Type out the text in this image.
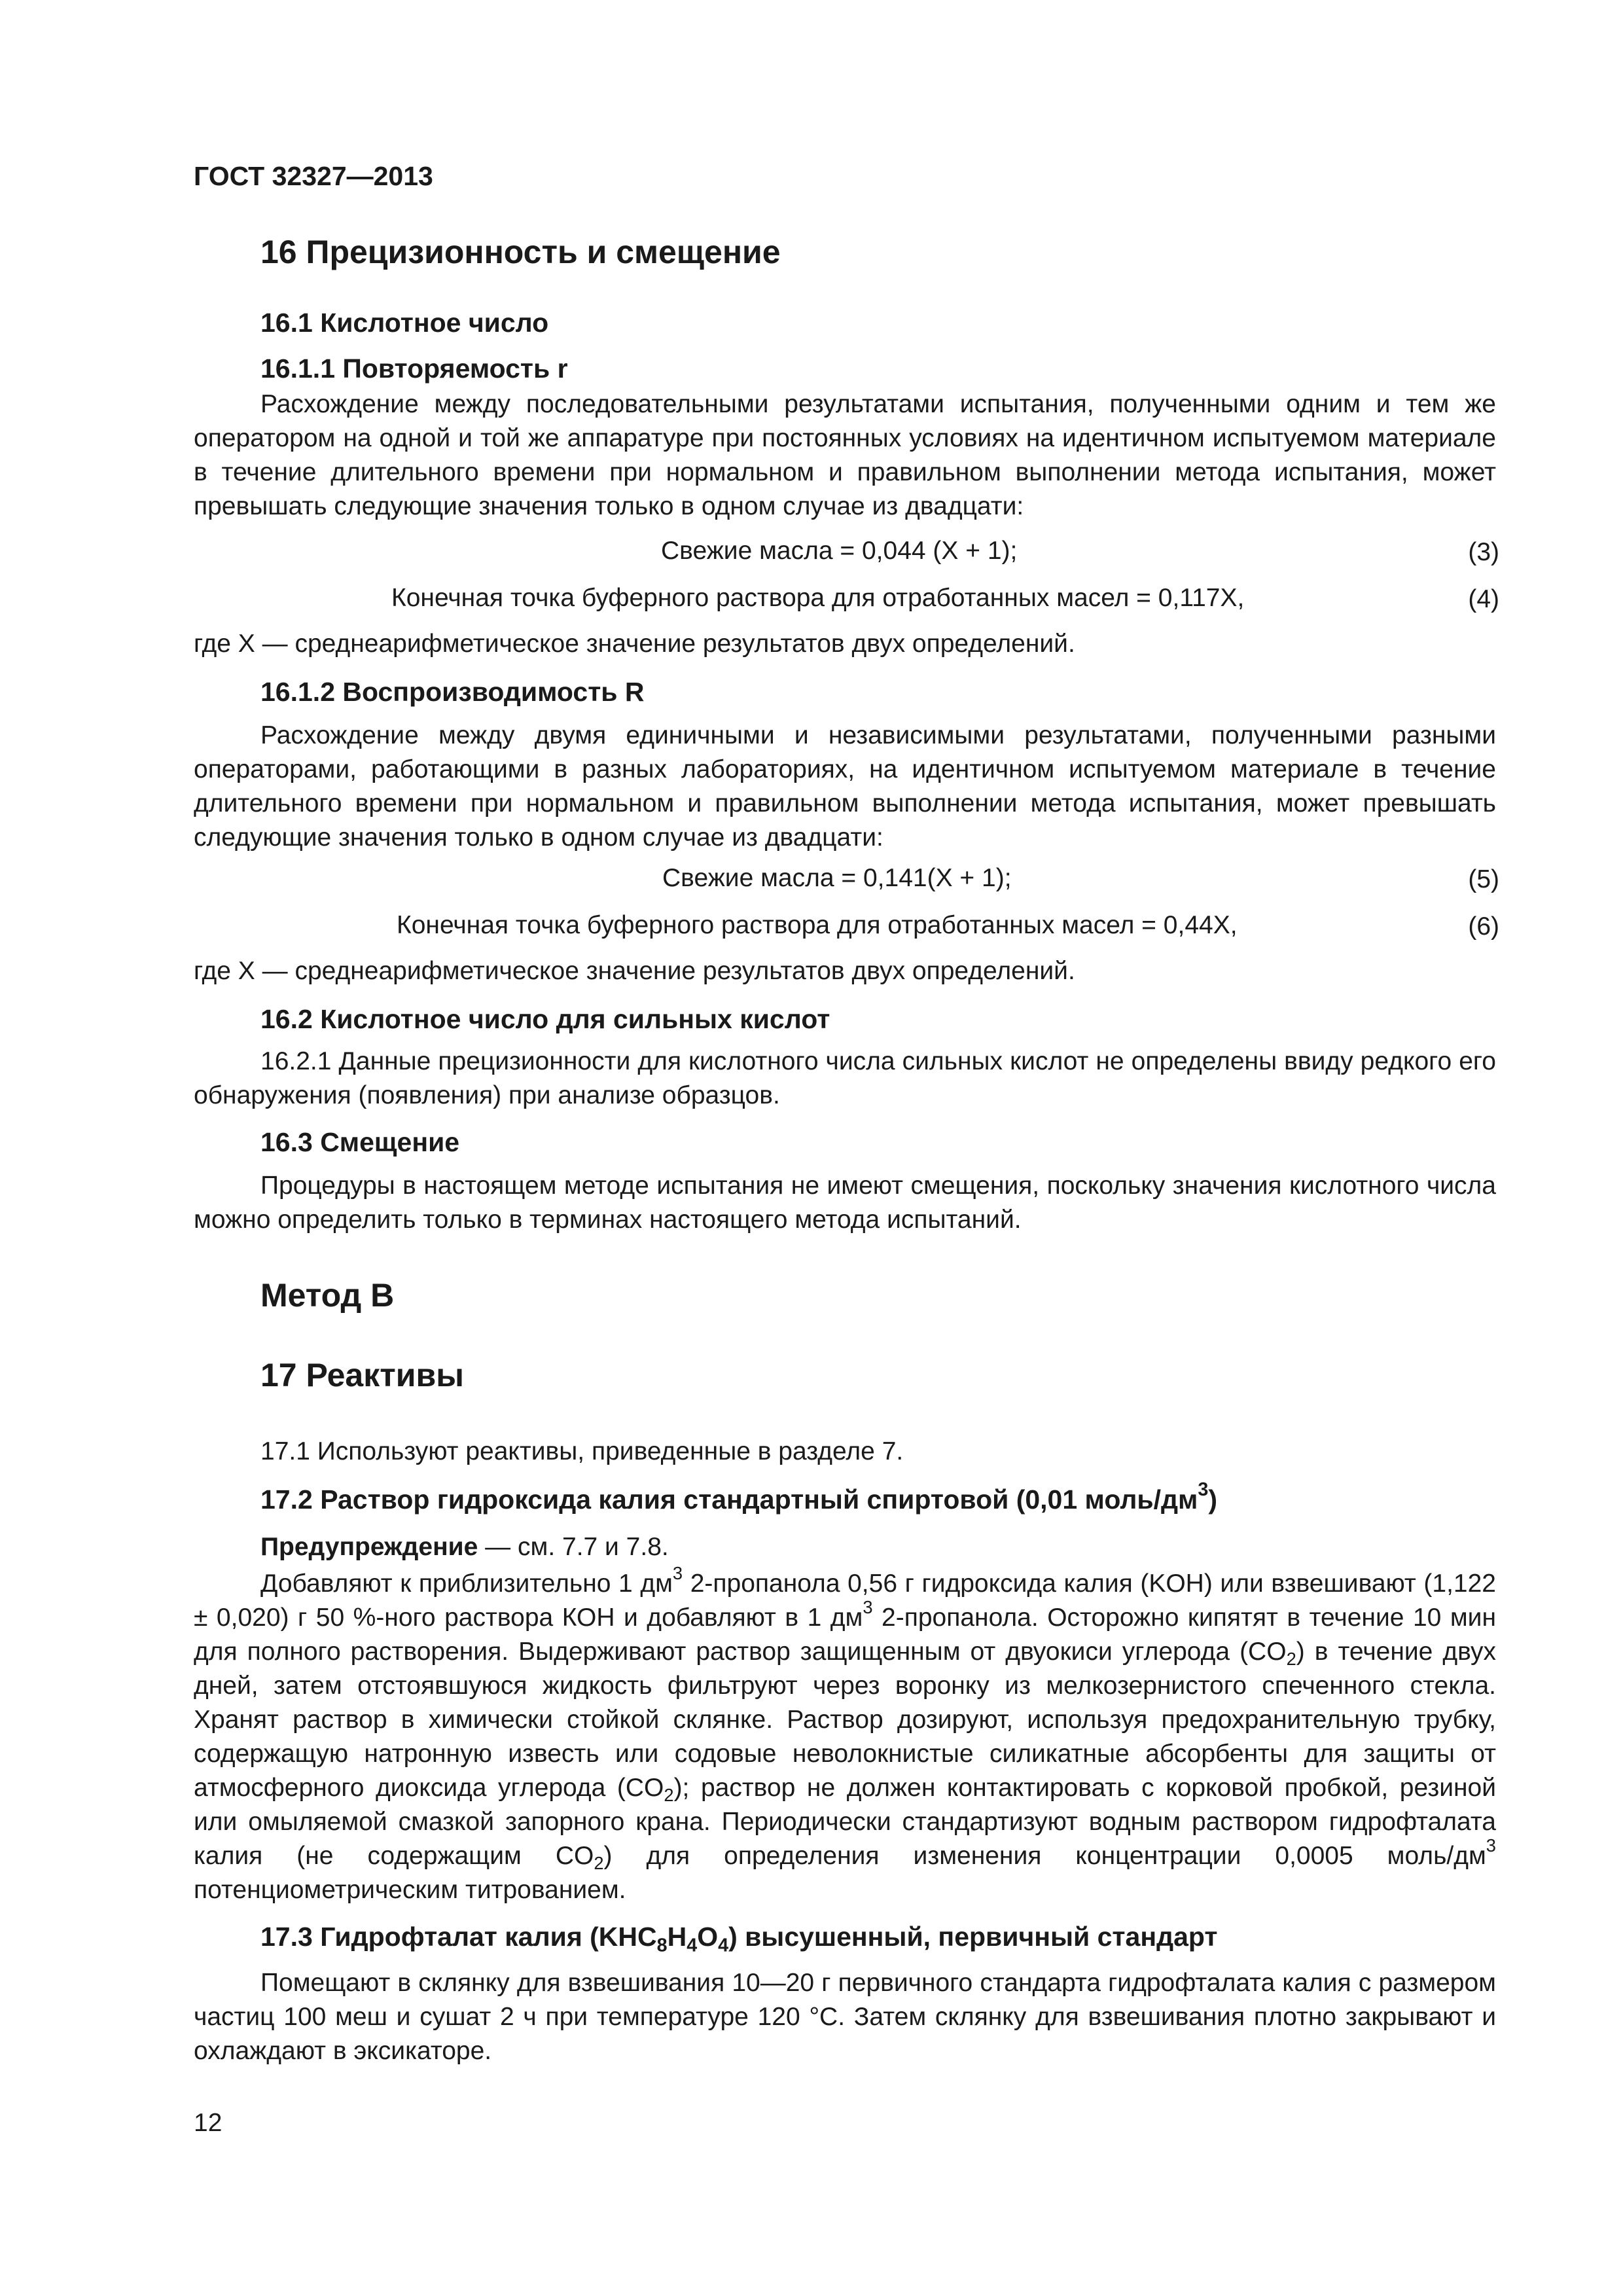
ГОСТ 32327—2013
16 Прецизионность и смещение
16.1 Кислотное число
16.1.1 Повторяемость r
Расхождение между последовательными результатами испытания, полученными одним и тем же оператором на одной и той же аппаратуре при постоянных условиях на идентичном испытуемом материале в течение длительного времени при нормальном и правильном выполнении метода испытания, может превышать следующие значения только в одном случае из двадцати:
Свежие масла = 0,044 (X + 1);	(3)
Конечная точка буферного раствора для отработанных масел = 0,117X,	(4)
где X — среднеарифметическое значение результатов двух определений.
16.1.2 Воспроизводимость R
Расхождение между двумя единичными и независимыми результатами, полученными разными операторами, работающими в разных лабораториях, на идентичном испытуемом материале в течение длительного времени при нормальном и правильном выполнении метода испытания, может превышать следующие значения только в одном случае из двадцати:
Свежие масла = 0,141(X + 1);	(5)
Конечная точка буферного раствора для отработанных масел = 0,44X,	(6)
где X — среднеарифметическое значение результатов двух определений.
16.2 Кислотное число для сильных кислот
16.2.1 Данные прецизионности для кислотного числа сильных кислот не определены ввиду редкого его обнаружения (появления) при анализе образцов.
16.3 Смещение
Процедуры в настоящем методе испытания не имеют смещения, поскольку значения кислотного числа можно определить только в терминах настоящего метода испытаний.
Метод В
17 Реактивы
17.1 Используют реактивы, приведенные в разделе 7.
17.2 Раствор гидроксида калия стандартный спиртовой (0,01 моль/$дм^3$)
Предупреждение — см. 7.7 и 7.8.
Добавляют к приблизительно 1 $дм^3$ 2-пропанола 0,56 г гидроксида калия (KOH) или взвешивают (1,122 ± 0,020) г 50 %-ного раствора КОН и добавляют в 1 $дм^3$ 2-пропанола. Осторожно кипятят в течение 10 мин для полного растворения. Выдерживают раствор защищенным от двуокиси углерода $(CO_2)$ в течение двух дней, затем отстоявшуюся жидкость фильтруют через воронку из мелкозернистого спеченного стекла. Хранят раствор в химически стойкой склянке. Раствор дозируют, используя предохранительную трубку, содержащую натронную известь или содовые неволокнистые силикатные абсорбенты для защиты от атмосферного диоксида углерода $(CO_2)$; раствор не должен контактировать с корковой пробкой, резиной или омыляемой смазкой запорного крана. Периодически стандартизуют водным раствором гидрофталата калия (не содержащим $CO_2$) для определения изменения концентрации 0,0005 моль/$дм^3$ потенциометрическим титрованием.
17.3 Гидрофталат калия $(KHC_8H_4O_4)$ высушенный, первичный стандарт
Помещают в склянку для взвешивания 10—20 г первичного стандарта гидрофталата калия с размером частиц 100 меш и сушат 2 ч при температуре 120 °С. Затем склянку для взвешивания плотно закрывают и охлаждают в эксикаторе.
12
